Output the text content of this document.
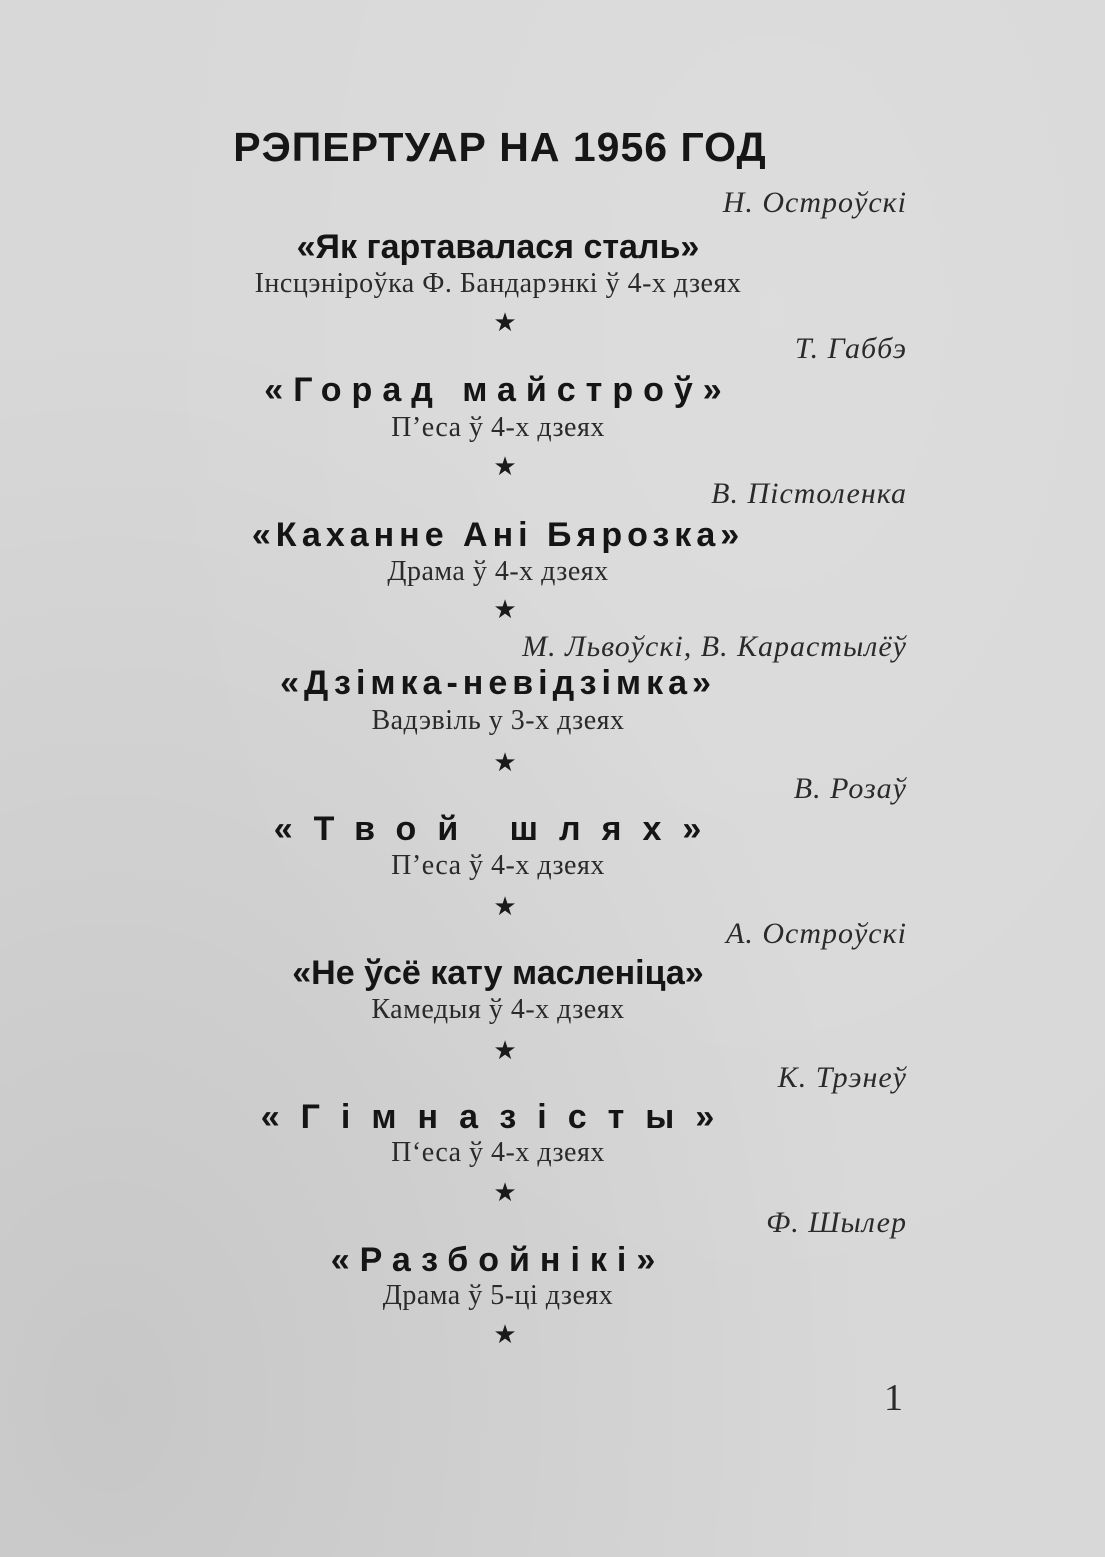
РЭПЕРТУАР НА 1956 ГОД
Н. Остроўскі
«Як гартавалася сталь»
Інсцэніроўка Ф. Бандарэнкі ў 4-х дзеях
★
Т. Габбэ
«Горад майстроў»
П’еса ў 4-х дзеях
★
В. Пістоленка
«Каханне Ані Бярозка»
Драма ў 4-х дзеях
★
М. Львоўскі, В. Карастылёў
«Дзімка-невідзімка»
Вадэвіль у 3-х дзеях
★
В. Розаў
«Твой шлях»
П’еса ў 4-х дзеях
★
А. Остроўскі
«Не ўсё кату масленіца»
Камедыя ў 4-х дзеях
★
К. Трэнеў
«Гімназісты»
П‘еса ў 4-х дзеях
★
Ф. Шылер
«Разбойнікі»
Драма ў 5-ці дзеях
★
1
